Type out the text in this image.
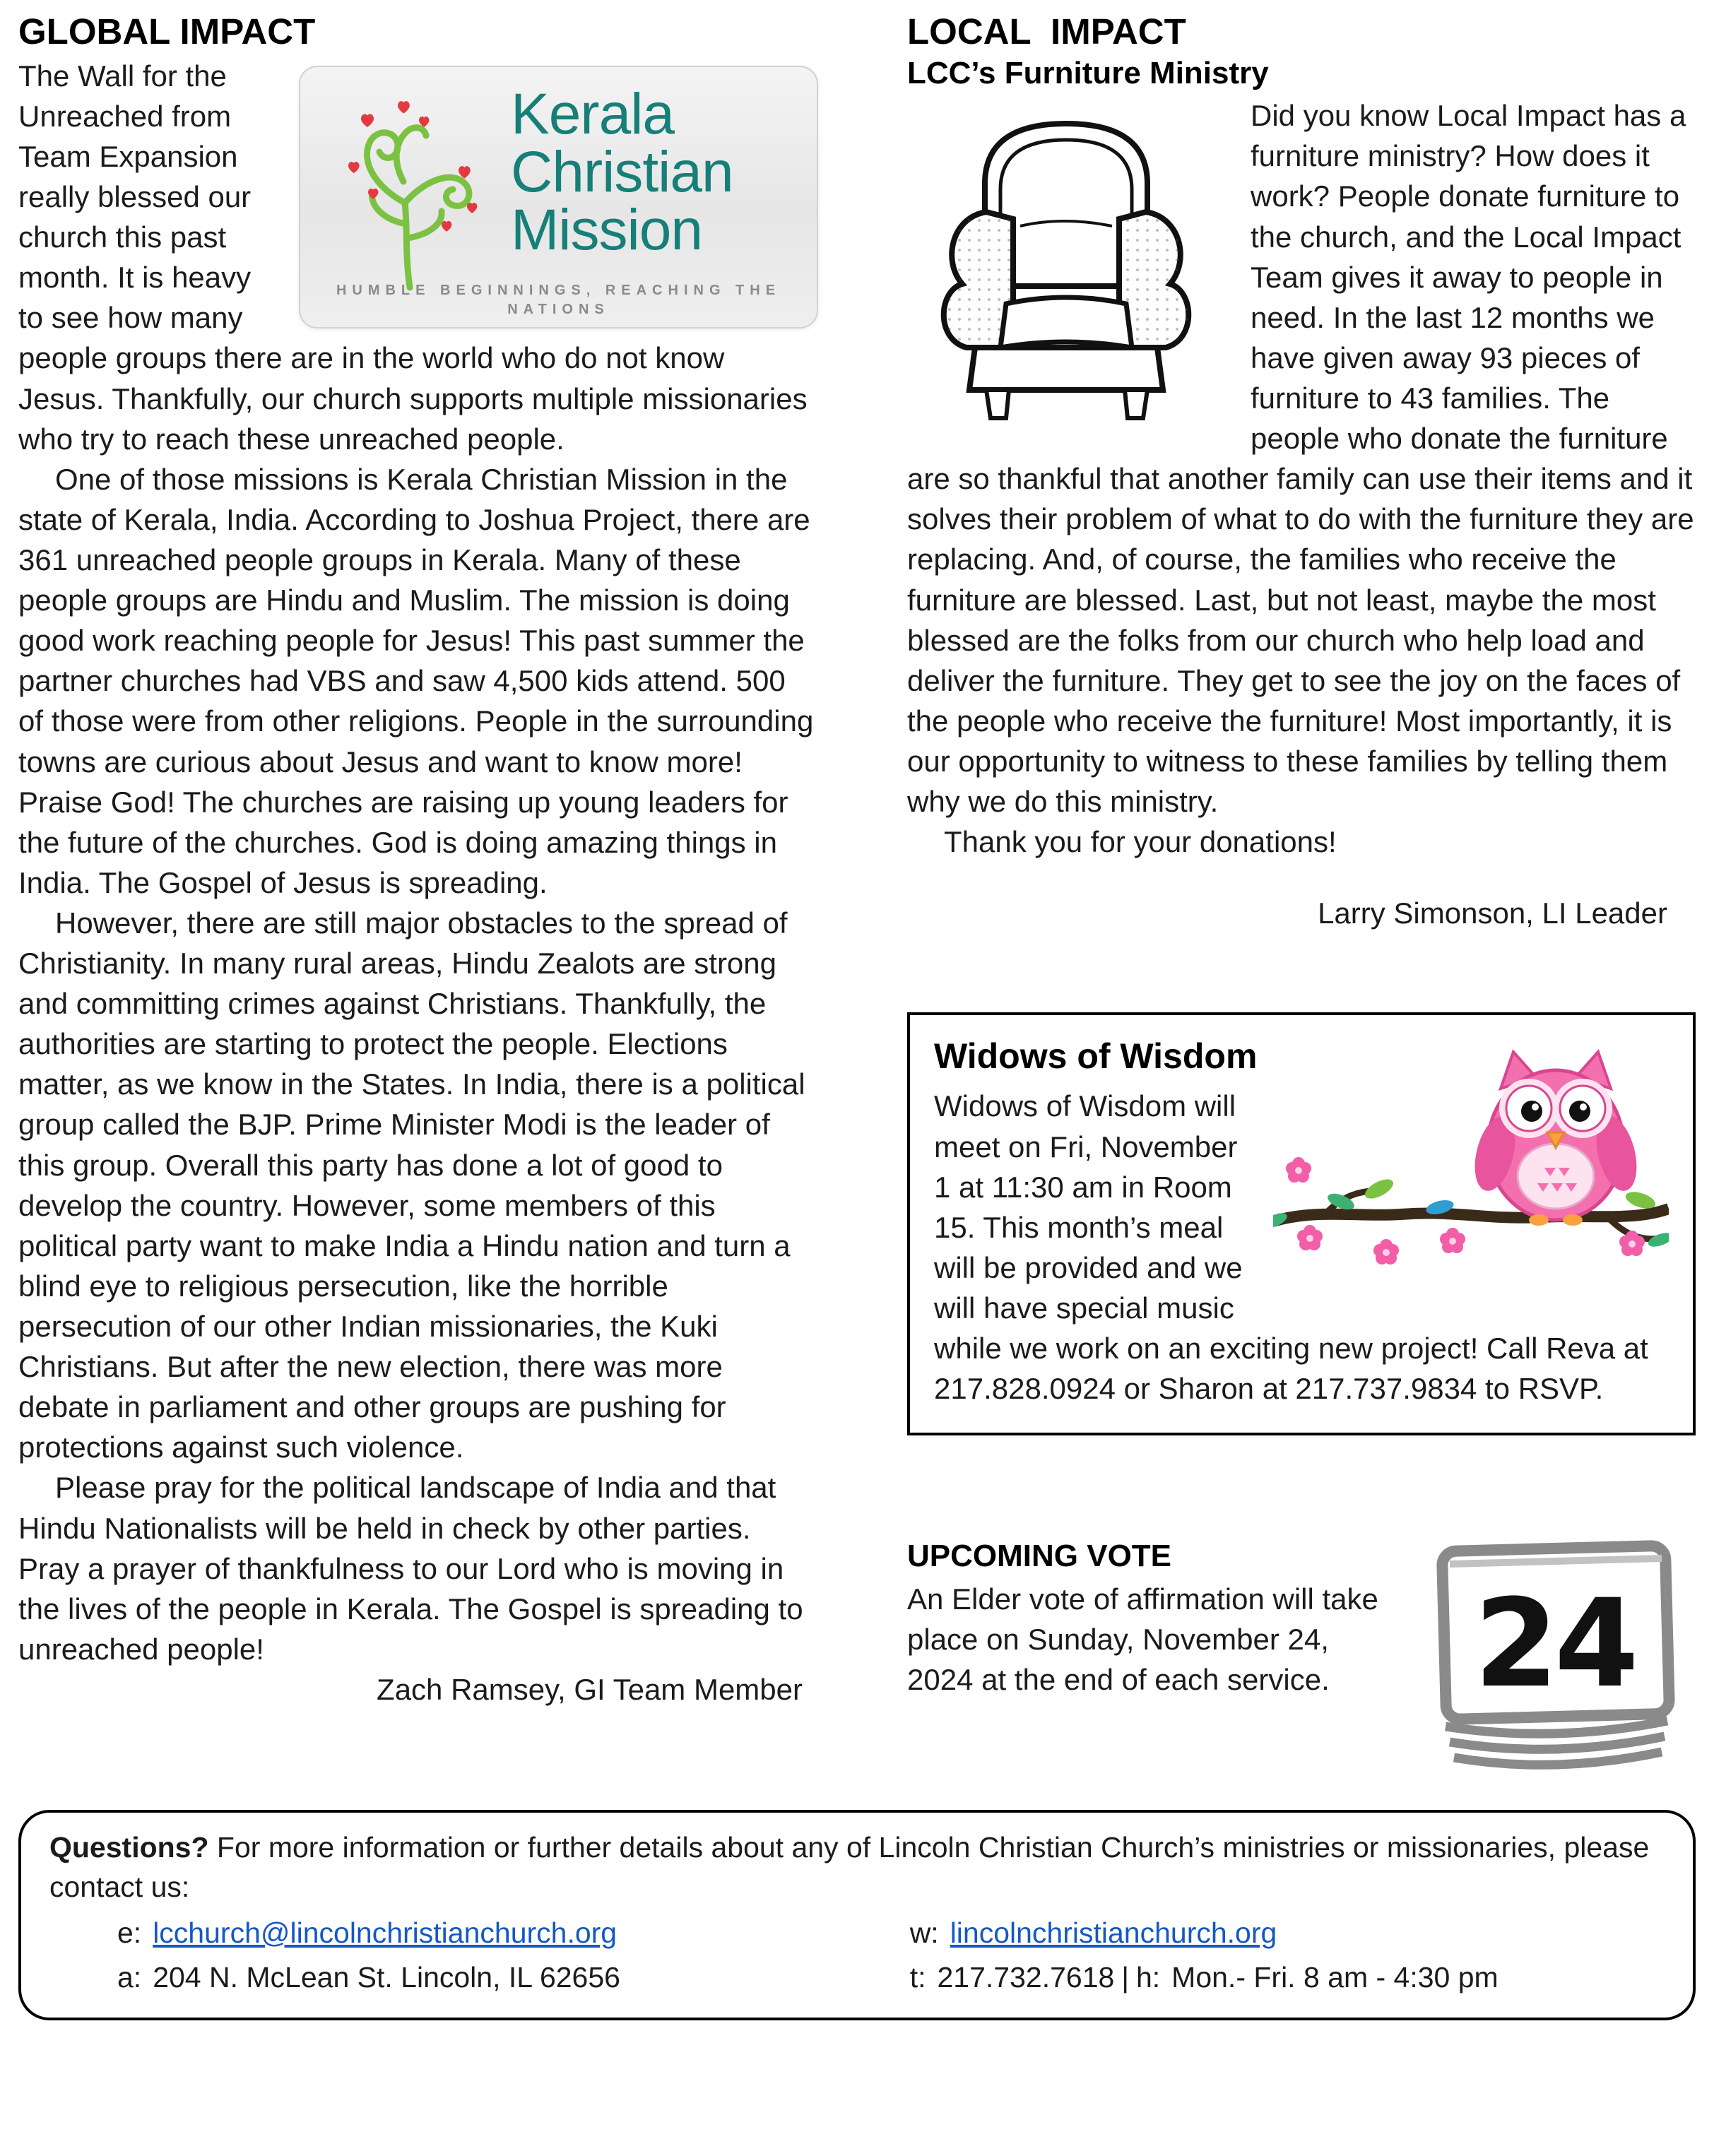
GLOBAL IMPACT
Kerala
Christian
Mission
HUMBLE BEGINNINGS, REACHING THE NATIONS

The Wall for the Unreached from Team Expansion really blessed our church this past month. It is heavy to see how many people groups there are in the world who do not know Jesus. Thankfully, our church supports multiple missionaries who try to reach these unreached people.

One of those missions is Kerala Christian Mission in the state of Kerala, India. According to Joshua Project, there are 361 unreached people groups in Kerala. Many of these people groups are Hindu and Muslim. The mission is doing good work reaching people for Jesus! This past summer the partner churches had VBS and saw 4,500 kids attend. 500 of those were from other religions. People in the surrounding towns are curious about Jesus and want to know more! Praise God! The churches are raising up young leaders for the future of the churches. God is doing amazing things in India. The Gospel of Jesus is spreading.

However, there are still major obstacles to the spread of Christianity. In many rural areas, Hindu Zealots are strong and committing crimes against Christians. Thankfully, the authorities are starting to protect the people. Elections matter, as we know in the States. In India, there is a political group called the BJP. Prime Minister Modi is the leader of this group. Overall this party has done a lot of good to develop the country. However, some members of this political party want to make India a Hindu nation and turn a blind eye to religious persecution, like the horrible persecution of our other Indian missionaries, the Kuki Christians. But after the new election, there was more debate in parliament and other groups are pushing for protections against such violence.

Please pray for the political landscape of India and that Hindu Nationalists will be held in check by other parties. Pray a prayer of thankfulness to our Lord who is moving in the lives of the people in Kerala. The Gospel is spreading to unreached people!

Zach Ramsey, GI Team Member

LOCAL  IMPACT
LCC’s Furniture Ministry

Did you know Local Impact has a furniture ministry? How does it work? People donate furniture to the church, and the Local Impact Team gives it away to people in need. In the last 12 months we have given away 93 pieces of furniture to 43 families. The people who donate the furniture are so thankful that another family can use their items and it solves their problem of what to do with the furniture they are replacing. And, of course, the families who receive the furniture are blessed. Last, but not least, maybe the most blessed are the folks from our church who help load and deliver the furniture. They get to see the joy on the faces of the people who receive the furniture! Most importantly, it is our opportunity to witness to these families by telling them why we do this ministry.

Thank you for your donations!

Larry Simonson, LI Leader

Widows of Wisdom

Widows of Wisdom will meet on Fri, November 1 at 11:30 am in Room 15. This month’s meal will be provided and we will have special music while we work on an exciting new project! Call Reva at 217.828.0924 or Sharon at 217.737.9834 to RSVP.

24
UPCOMING VOTE

An Elder vote of affirmation will take place on Sunday, November 24, 2024 at the end of each service.

Questions? For more information or further details about any of Lincoln Christian Church’s ministries or missionaries, please contact us:

e: lcchurch@lincolnchristianchurch.org	w: lincolnchristianchurch.org
a: 204 N. McLean St. Lincoln, IL 62656	t: 217.732.7618 | h: Mon.- Fri. 8 am - 4:30 pm
